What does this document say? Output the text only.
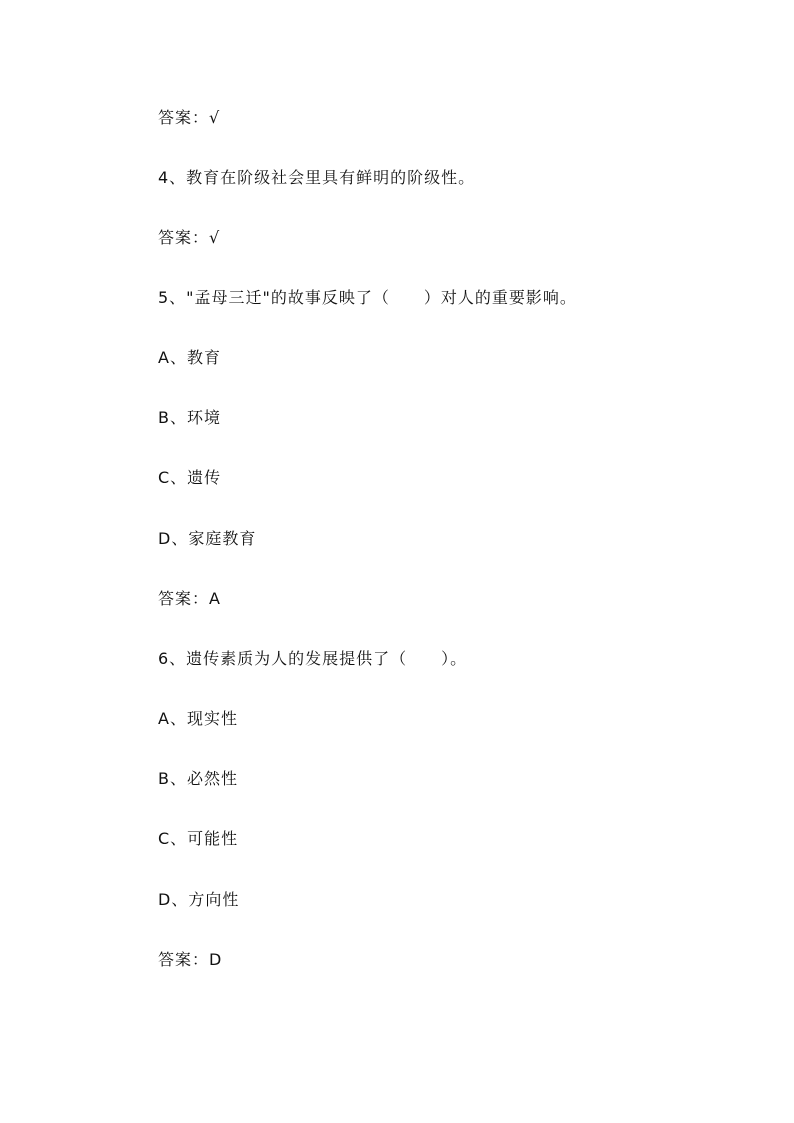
答案：√
4、教育在阶级社会里具有鲜明的阶级性。
答案：√
5、"孟母三迁"的故事反映了（　　）对人的重要影响。
A、教育
B、环境
C、遗传
D、家庭教育
答案：A
6、遗传素质为人的发展提供了（　　）。
A、现实性
B、必然性
C、可能性
D、方向性
答案：D
